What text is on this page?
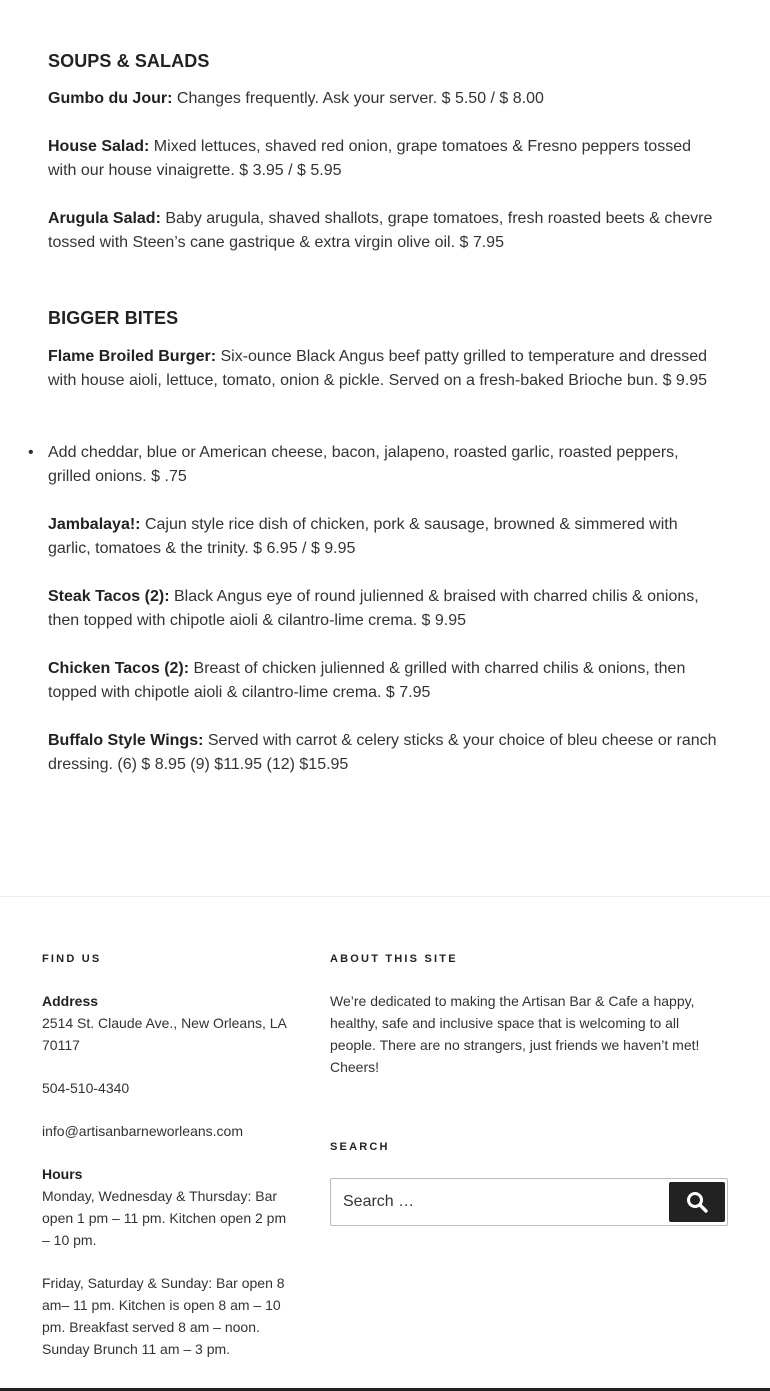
SOUPS & SALADS

Gumbo du Jour: Changes frequently. Ask your server. $ 5.50 / $ 8.00

House Salad: Mixed lettuces, shaved red onion, grape tomatoes & Fresno peppers tossed with our house vinaigrette. $ 3.95 / $ 5.95

Arugula Salad: Baby arugula, shaved shallots, grape tomatoes, fresh roasted beets & chevre tossed with Steen’s cane gastrique & extra virgin olive oil. $ 7.95

BIGGER BITES

Flame Broiled Burger: Six-ounce Black Angus beef patty grilled to temperature and dressed with house aioli, lettuce, tomato, onion & pickle. Served on a fresh-baked Brioche bun. $ 9.95

• Add cheddar, blue or American cheese, bacon, jalapeno, roasted garlic, roasted peppers, grilled onions. $ .75

Jambalaya!: Cajun style rice dish of chicken, pork & sausage, browned & simmered with garlic, tomatoes & the trinity. $ 6.95 / $ 9.95

Steak Tacos (2): Black Angus eye of round julienned & braised with charred chilis & onions, then topped with chipotle aioli & cilantro-lime crema. $ 9.95

Chicken Tacos (2): Breast of chicken julienned & grilled with charred chilis & onions, then topped with chipotle aioli & cilantro-lime crema. $ 7.95

Buffalo Style Wings: Served with carrot & celery sticks & your choice of bleu cheese or ranch dressing. (6) $ 8.95 (9) $11.95 (12) $15.95

FIND US

Address

2514 St. Claude Ave., New Orleans, LA 70117

504-510-4340

info@artisanbarneworleans.com

Hours

Monday, Wednesday & Thursday: Bar open 1 pm – 11 pm. Kitchen open 2 pm – 10 pm.

Friday, Saturday & Sunday: Bar open 8 am– 11 pm. Kitchen is open 8 am – 10 pm. Breakfast served 8 am – noon. Sunday Brunch 11 am – 3 pm.

ABOUT THIS SITE

We’re dedicated to making the Artisan Bar & Cafe a happy, healthy, safe and inclusive space that is welcoming to all people. There are no strangers, just friends we haven’t met! Cheers!

SEARCH
Search …
